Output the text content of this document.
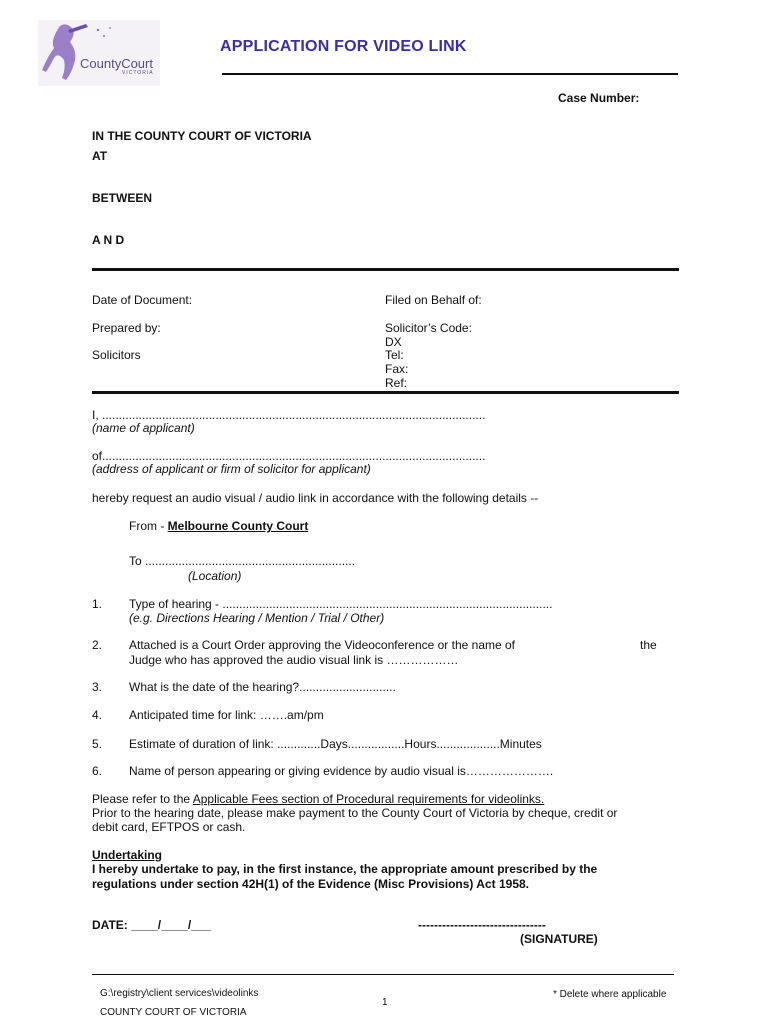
CountyCourt
VICTORIA
APPLICATION FOR VIDEO LINK
Case Number:
IN THE COUNTY COURT OF VICTORIA
AT
BETWEEN
A N D
Date of Document:
Prepared by:
Solicitors
Filed on Behalf of:
Solicitor’s Code:
DX
Tel:
Fax:
Ref:
I, ...................................................................................................................
(name of applicant)
of...................................................................................................................
(address of applicant or firm of solicitor for applicant)
hereby request an audio visual / audio link in accordance with the following details --
From - Melbourne County Court
To ...............................................................
(Location)
1. Type of hearing - ...................................................................................................
(e.g. Directions Hearing / Mention / Trial / Other)
2. Attached is a Court Order approving the Videoconference or the name of	the
Judge who has approved the audio visual link is ………………
3. What is the date of the hearing?.............................
4. Anticipated time for link: …….am/pm
5. Estimate of duration of link: .............Days.................Hours...................Minutes
6. Name of person appearing or giving evidence by audio visual is………………….
Please refer to the Applicable Fees section of Procedural requirements for videolinks.
Prior to the hearing date, please make payment to the County Court of Victoria by cheque, credit or
debit card, EFTPOS or cash.
Undertaking
I hereby undertake to pay, in the first instance, the appropriate amount prescribed by the
regulations under section 42H(1) of the Evidence (Misc Provisions) Act 1958.
DATE: ____/____/___	--------------------------------
(SIGNATURE)
G:\registry\client services\videolinks
1
* Delete where applicable
COUNTY COURT OF VICTORIA
